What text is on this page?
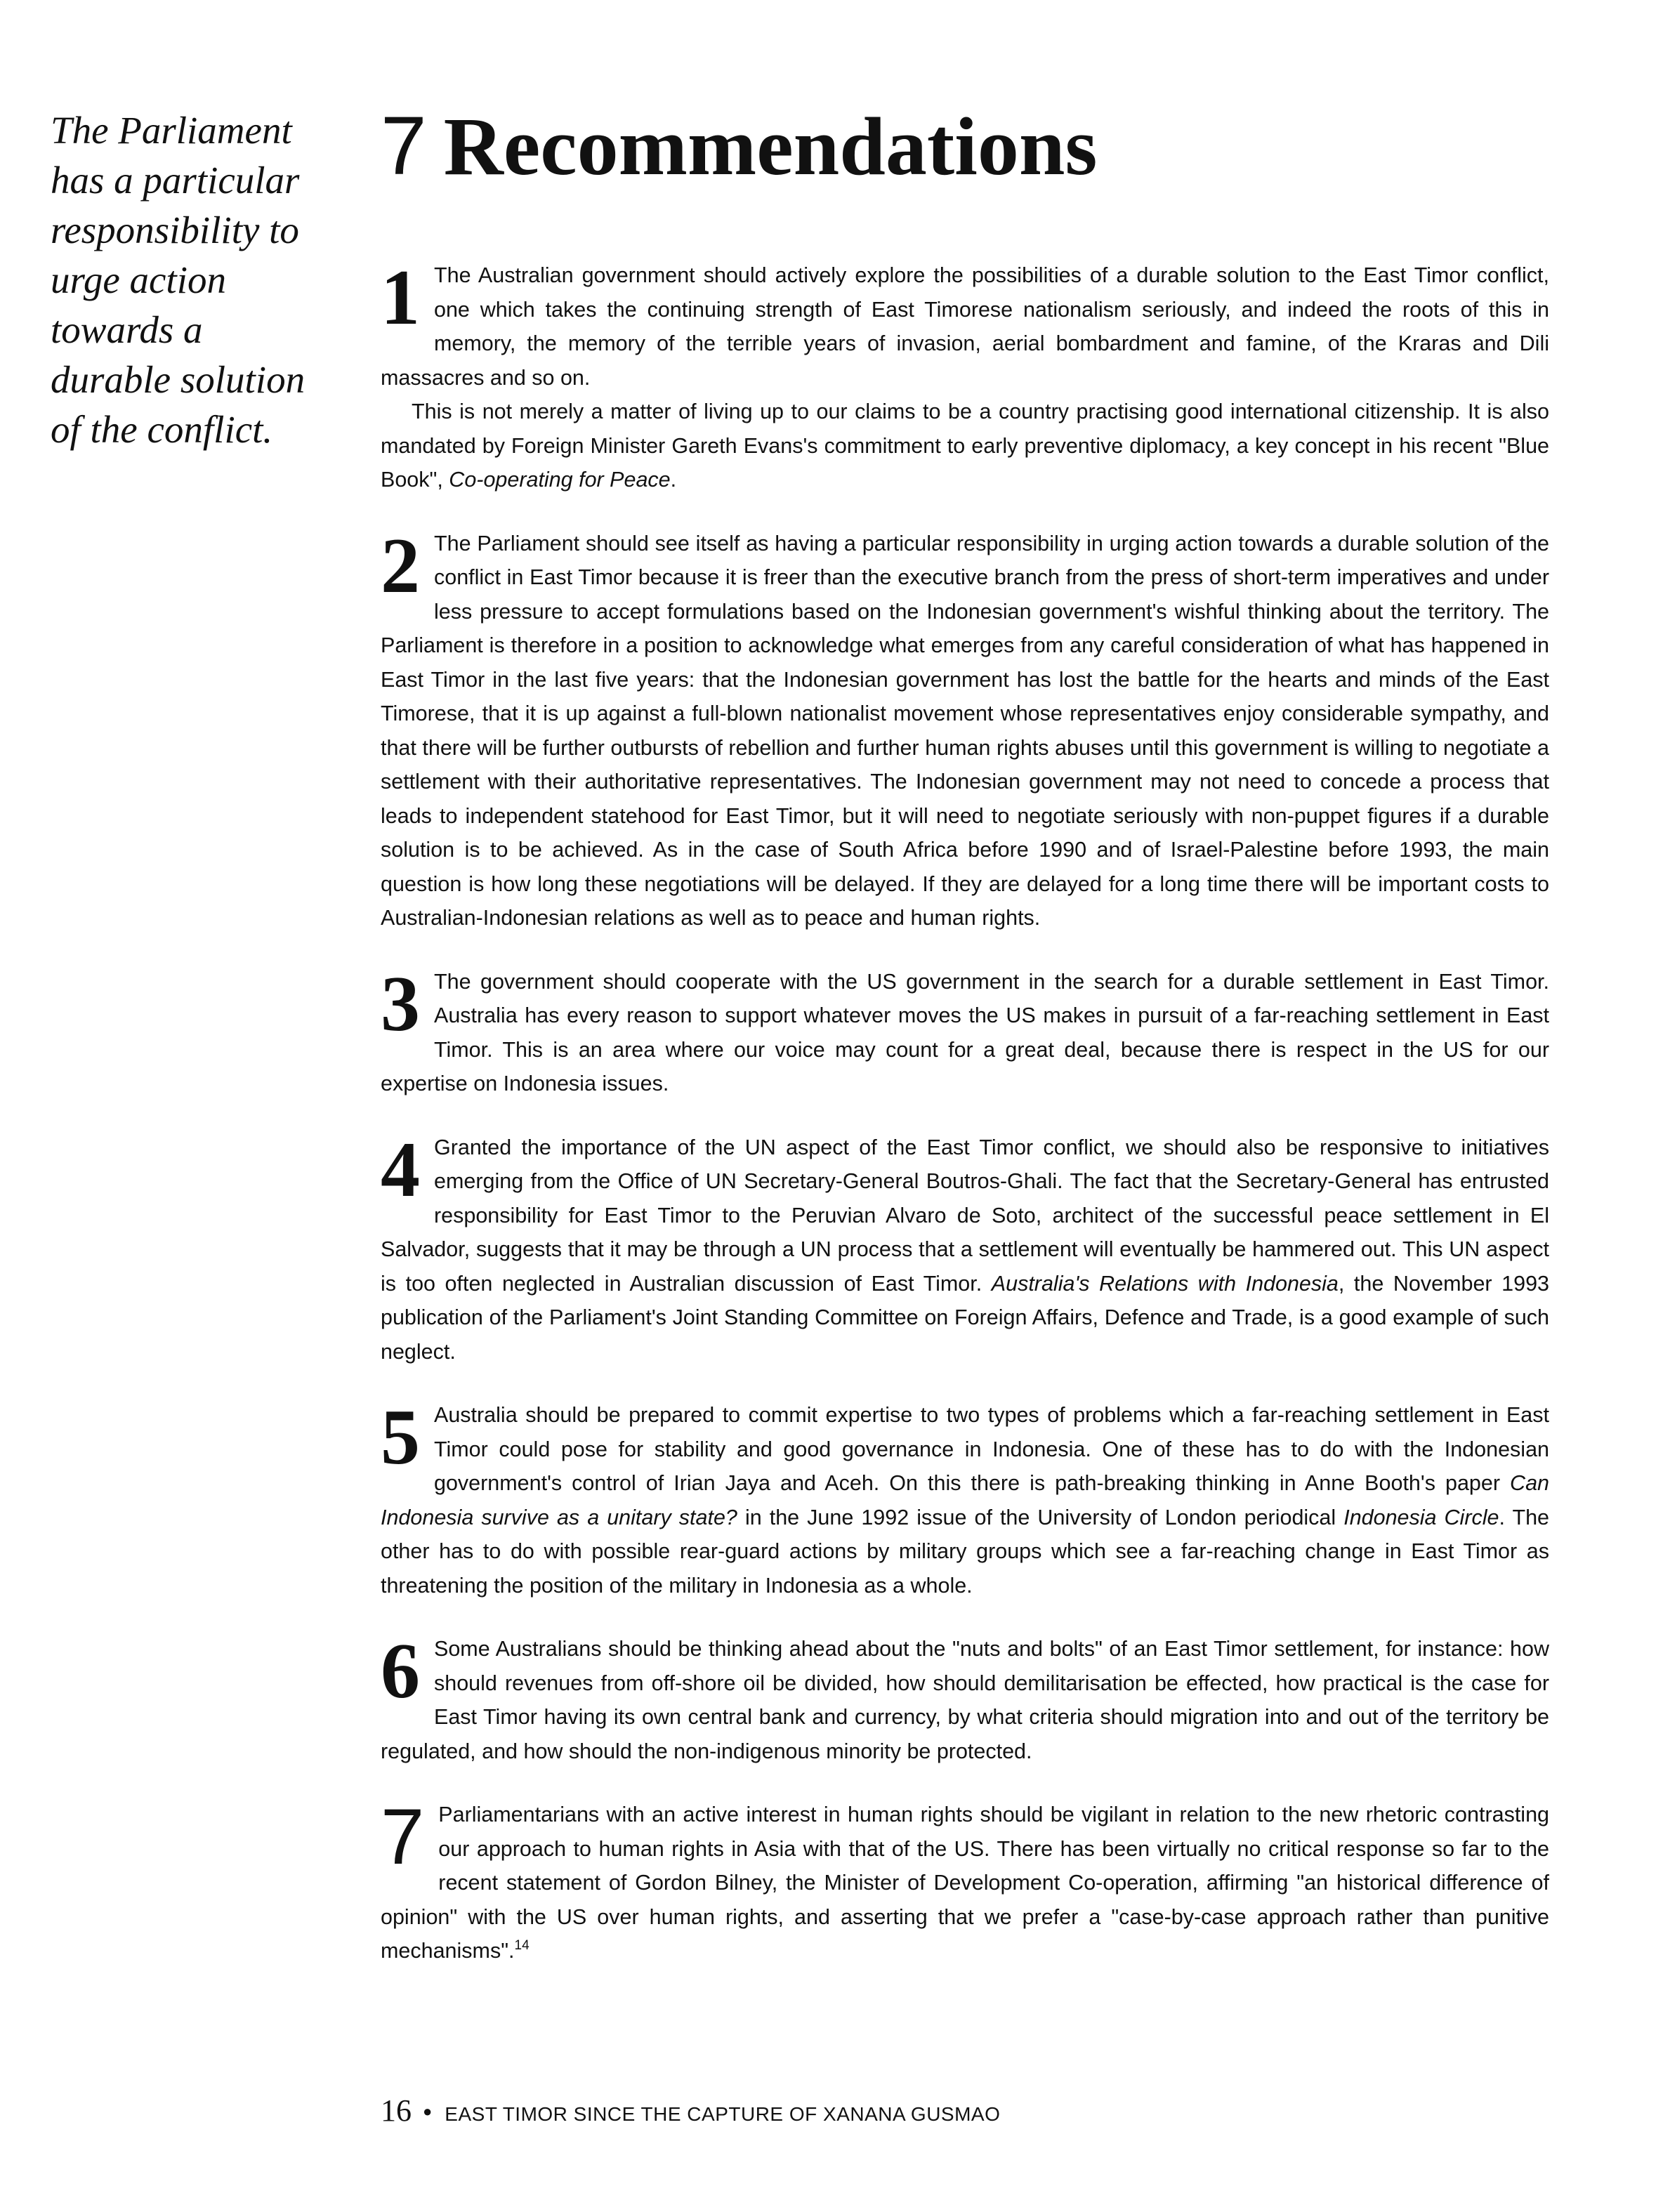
The Parliament has a particular responsibility to urge action towards a durable solution of the conflict.

7 Recommendations

1 The Australian government should actively explore the possibilities of a durable solution to the East Timor conflict, one which takes the continuing strength of East Timorese nationalism seriously, and indeed the roots of this in memory, the memory of the terrible years of invasion, aerial bombardment and famine, of the Kraras and Dili massacres and so on.

This is not merely a matter of living up to our claims to be a country practising good international citizenship. It is also mandated by Foreign Minister Gareth Evans's commitment to early preventive diplomacy, a key concept in his recent "Blue Book", Co-operating for Peace.

2 The Parliament should see itself as having a particular responsibility in urging action towards a durable solution of the conflict in East Timor because it is freer than the executive branch from the press of short-term imperatives and under less pressure to accept formulations based on the Indonesian government's wishful thinking about the territory. The Parliament is therefore in a position to acknowledge what emerges from any careful consideration of what has happened in East Timor in the last five years: that the Indonesian government has lost the battle for the hearts and minds of the East Timorese, that it is up against a full-blown nationalist movement whose representatives enjoy considerable sympathy, and that there will be further outbursts of rebellion and further human rights abuses until this government is willing to negotiate a settlement with their authoritative representatives. The Indonesian government may not need to concede a process that leads to independent statehood for East Timor, but it will need to negotiate seriously with non-puppet figures if a durable solution is to be achieved. As in the case of South Africa before 1990 and of Israel-Palestine before 1993, the main question is how long these negotiations will be delayed. If they are delayed for a long time there will be important costs to Australian-Indonesian relations as well as to peace and human rights.

3 The government should cooperate with the US government in the search for a durable settlement in East Timor. Australia has every reason to support whatever moves the US makes in pursuit of a far-reaching settlement in East Timor. This is an area where our voice may count for a great deal, because there is respect in the US for our expertise on Indonesia issues.

4 Granted the importance of the UN aspect of the East Timor conflict, we should also be responsive to initiatives emerging from the Office of UN Secretary-General Boutros-Ghali. The fact that the Secretary-General has entrusted responsibility for East Timor to the Peruvian Alvaro de Soto, architect of the successful peace settlement in El Salvador, suggests that it may be through a UN process that a settlement will eventually be hammered out. This UN aspect is too often neglected in Australian discussion of East Timor. Australia's Relations with Indonesia, the November 1993 publication of the Parliament's Joint Standing Committee on Foreign Affairs, Defence and Trade, is a good example of such neglect.

5 Australia should be prepared to commit expertise to two types of problems which a far-reaching settlement in East Timor could pose for stability and good governance in Indonesia. One of these has to do with the Indonesian government's control of Irian Jaya and Aceh. On this there is path-breaking thinking in Anne Booth's paper Can Indonesia survive as a unitary state? in the June 1992 issue of the University of London periodical Indonesia Circle. The other has to do with possible rear-guard actions by military groups which see a far-reaching change in East Timor as threatening the position of the military in Indonesia as a whole.

6 Some Australians should be thinking ahead about the "nuts and bolts" of an East Timor settlement, for instance: how should revenues from off-shore oil be divided, how should demilitarisation be effected, how practical is the case for East Timor having its own central bank and currency, by what criteria should migration into and out of the territory be regulated, and how should the non-indigenous minority be protected.

7 Parliamentarians with an active interest in human rights should be vigilant in relation to the new rhetoric contrasting our approach to human rights in Asia with that of the US. There has been virtually no critical response so far to the recent statement of Gordon Bilney, the Minister of Development Co-operation, affirming "an historical difference of opinion" with the US over human rights, and asserting that we prefer a "case-by-case approach rather than punitive mechanisms".$^{14}$

16 ● EAST TIMOR SINCE THE CAPTURE OF XANANA GUSMAO
